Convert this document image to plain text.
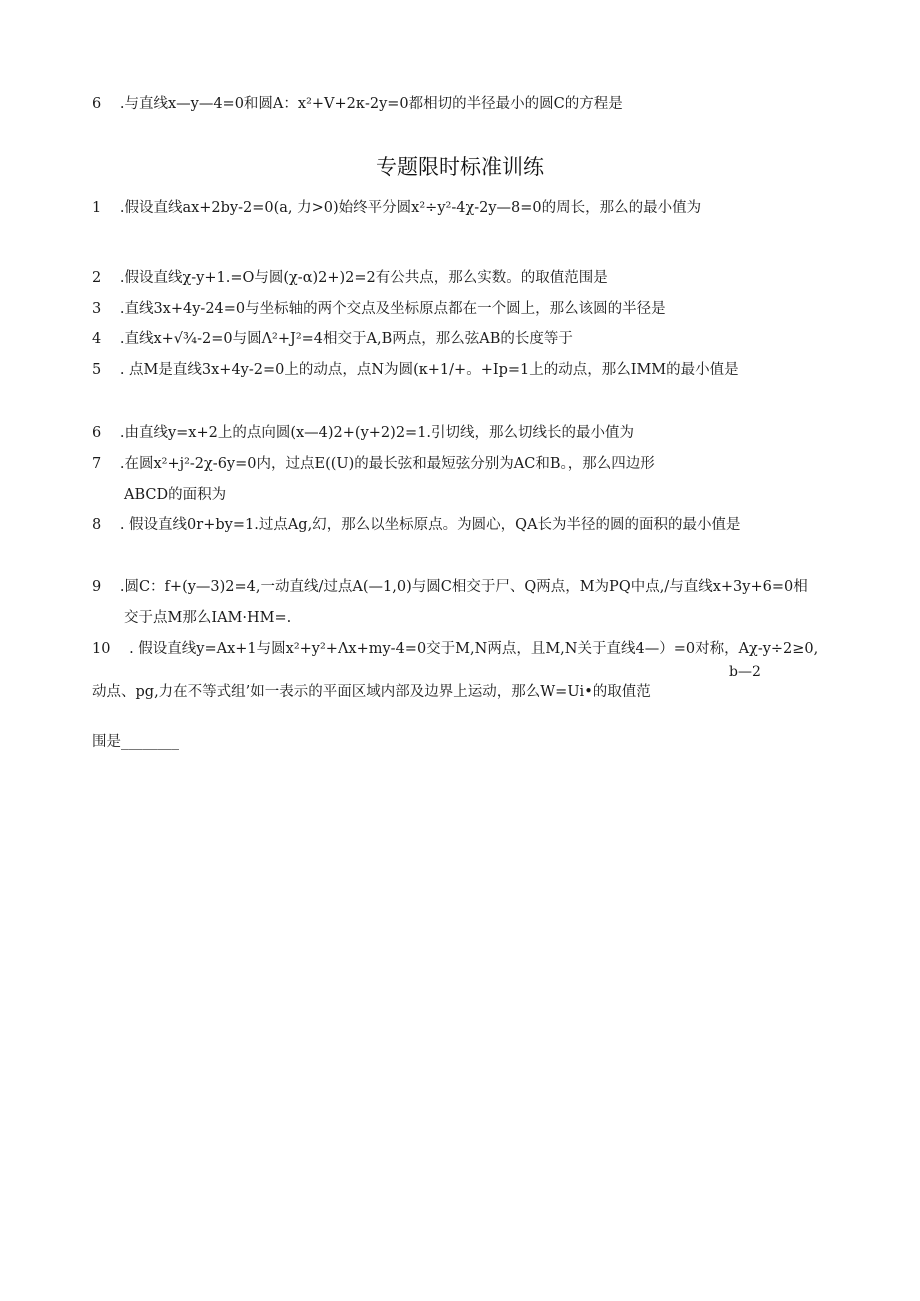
6 .与直线x—y—4=0和圆A：x²+V+2κ-2y=0都相切的半径最小的圆C的方程是
专题限时标准训练
1 .假设直线ax+2by-2=0(a, 力>0)始终平分圆x²÷y²-4χ-2y—8=0的周长，那么的最小值为
2 .假设直线χ-y+1.=O与圆(χ-α)2+)2=2有公共点，那么实数。的取值范围是
3 .直线3x+4y-24=0与坐标轴的两个交点及坐标原点都在一个圆上，那么该圆的半径是
4 .直线x+√¾-2=0与圆Λ²+J²=4相交于A,B两点，那么弦AB的长度等于
5 . 点M是直线3x+4y-2=0上的动点，点N为圆(κ+1/+。+Ip=1上的动点，那么IMM的最小值是
6 .由直线y=x+2上的点向圆(x—4)2+(y+2)2=1.引切线，那么切线长的最小值为
7 .在圆x²+j²-2χ-6y=0内，过点E((U)的最长弦和最短弦分别为AC和B。，那么四边形
ABCD的面积为
8 . 假设直线0r+by=1.过点Ag,幻，那么以坐标原点。为圆心，QA长为半径的圆的面积的最小值是
9 .圆C：f+(y—3)2=4,一动直线/过点A(—1,0)与圆C相交于尸、Q两点，M为PQ中点,/与直线x+3y+6=0相
交于点M那么IAM·HM=.
10 . 假设直线y=Ax+1与圆x²+y²+Λx+my-4=0交于M,N两点，且M,N关于直线4—）=0对称，Aχ-y÷2≥0,
b—2
动点、pg,力在不等式组’如一表示的平面区域内部及边界上运动，那么W=Ui•的取值范
围是________
